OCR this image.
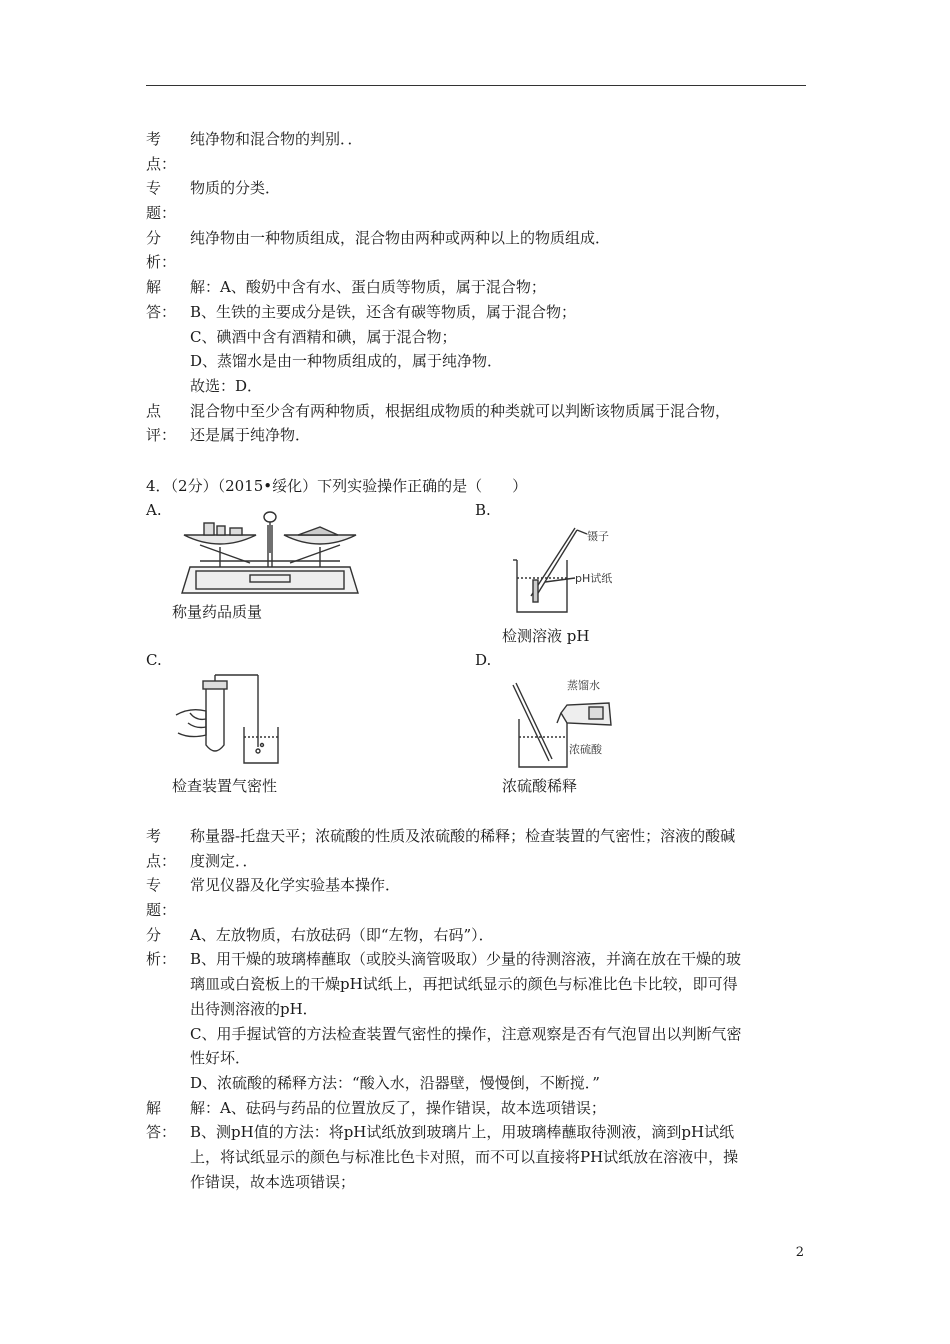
考	纯净物和混合物的判别．．
点：
专	物质的分类．
题：
分	纯净物由一种物质组成，混合物由两种或两种以上的物质组成．
析：
解	解：A、酸奶中含有水、蛋白质等物质，属于混合物；
答： B、生铁的主要成分是铁，还含有碳等物质，属于混合物；
C、碘酒中含有酒精和碘，属于混合物；
D、蒸馏水是由一种物质组成的，属于纯净物．
故选：D．
点	混合物中至少含有两种物质，根据组成物质的种类就可以判断该物质属于混合物，
评： 还是属于纯净物．
4．（2分）（2015•绥化）下列实验操作正确的是（　　）
A.	B.
C.	D.
称量药品质量
镊子
pH试纸
检测溶液 pH
检查装置气密性
蒸馏水
浓硫酸
浓硫酸稀释
考	称量器-托盘天平；浓硫酸的性质及浓硫酸的稀释；检查装置的气密性；溶液的酸碱
点： 度测定．．
专	常见仪器及化学实验基本操作．
题：
分	A、左放物质，右放砝码（即“左物，右码”）．
析： B、用干燥的玻璃棒蘸取（或胶头滴管吸取）少量的待测溶液，并滴在放在干燥的玻
璃皿或白瓷板上的干燥pH试纸上，再把试纸显示的颜色与标准比色卡比较，即可得
出待测溶液的pH．
C、用手握试管的方法检查装置气密性的操作，注意观察是否有气泡冒出以判断气密
性好坏．
D、浓硫酸的稀释方法：“酸入水，沿器壁，慢慢倒，不断搅．”
解	解：A、砝码与药品的位置放反了，操作错误，故本选项错误；
答： B、测pH值的方法：将pH试纸放到玻璃片上，用玻璃棒蘸取待测液，滴到pH试纸
上，将试纸显示的颜色与标准比色卡对照，而不可以直接将PH试纸放在溶液中，操
作错误，故本选项错误；
2
